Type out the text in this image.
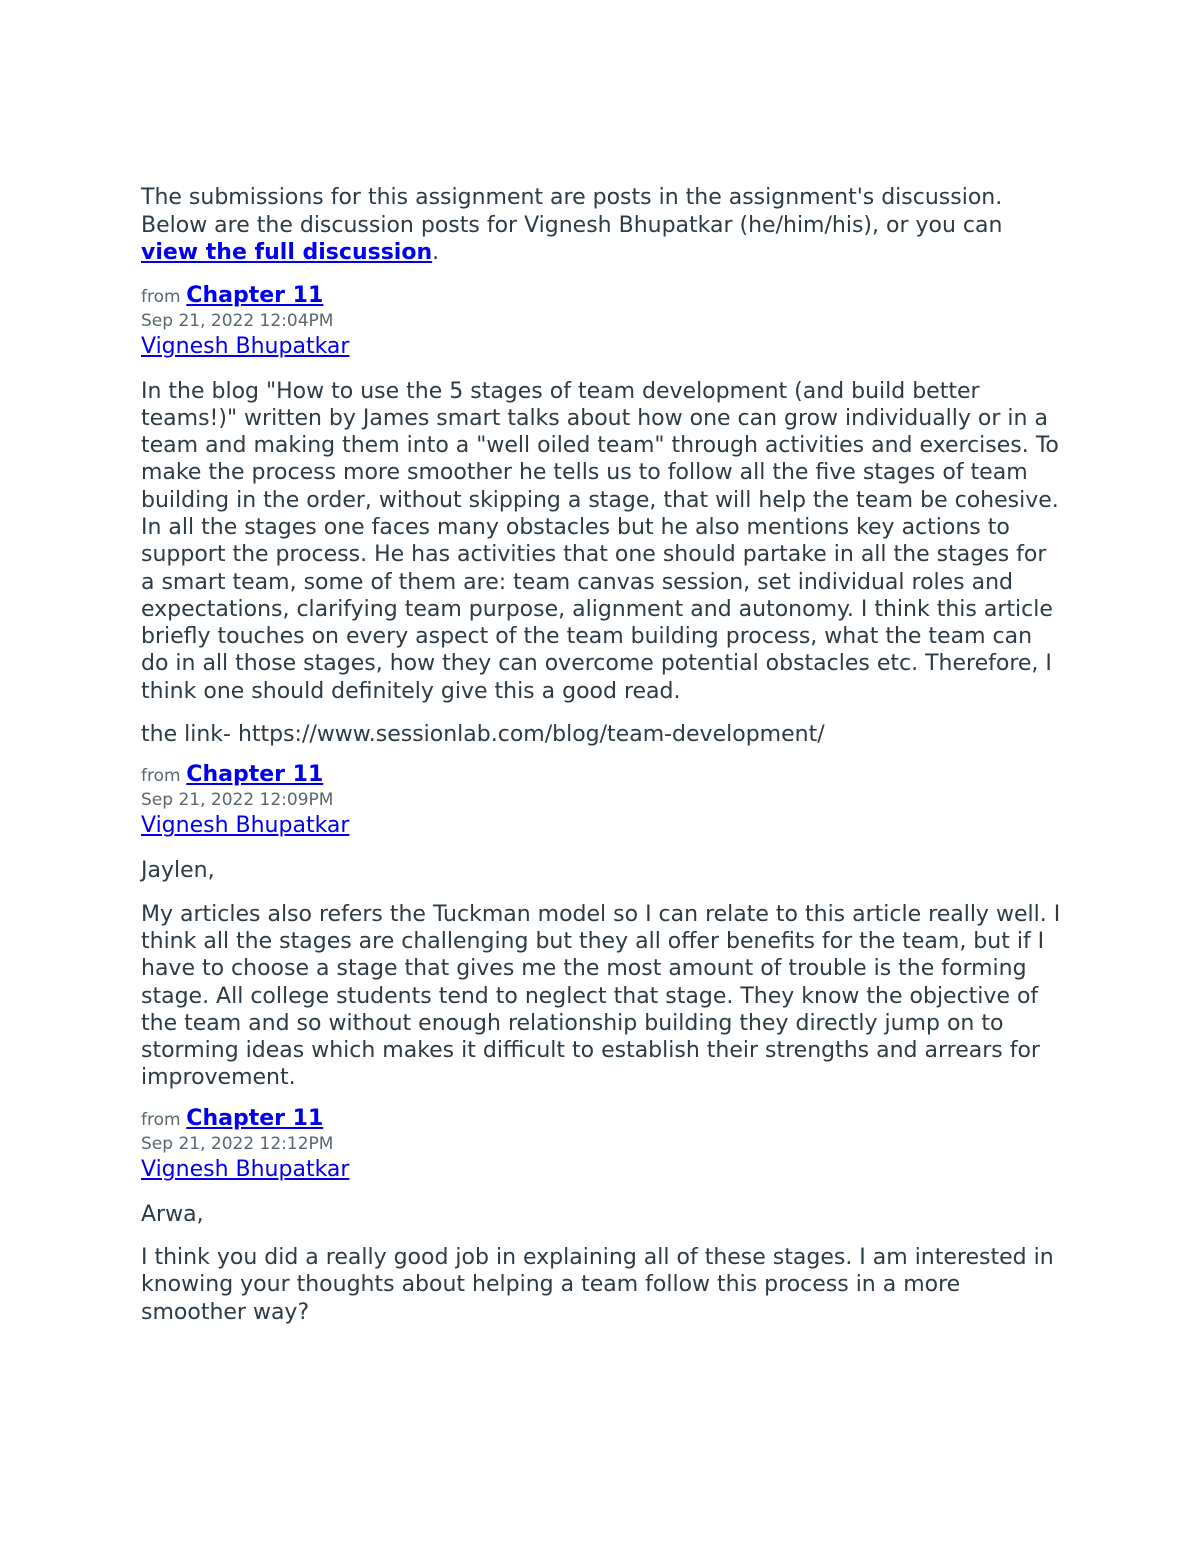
The submissions for this assignment are posts in the assignment's discussion. Below are the discussion posts for Vignesh Bhupatkar (he/him/his), or you can view the full discussion.
from Chapter 11
Sep 21, 2022 12:04PM
Vignesh Bhupatkar

In the blog "How to use the 5 stages of team development (and build better teams!)" written by James smart talks about how one can grow individually or in a team and making them into a "well oiled team" through activities and exercises. To make the process more smoother he tells us to follow all the five stages of team building in the order, without skipping a stage, that will help the team be cohesive. In all the stages one faces many obstacles but he also mentions key actions to support the process. He has activities that one should partake in all the stages for a smart team, some of them are: team canvas session, set individual roles and expectations, clarifying team purpose, alignment and autonomy. I think this article briefly touches on every aspect of the team building process, what the team can do in all those stages, how they can overcome potential obstacles etc. Therefore, I think one should definitely give this a good read.

the link- https://www.sessionlab.com/blog/team-development/

from Chapter 11
Sep 21, 2022 12:09PM
Vignesh Bhupatkar

Jaylen,

My articles also refers the Tuckman model so I can relate to this article really well. I think all the stages are challenging but they all offer benefits for the team, but if I have to choose a stage that gives me the most amount of trouble is the forming stage. All college students tend to neglect that stage. They know the objective of the team and so without enough relationship building they directly jump on to storming ideas which makes it difficult to establish their strengths and arrears for improvement.

from Chapter 11
Sep 21, 2022 12:12PM
Vignesh Bhupatkar

Arwa,

I think you did a really good job in explaining all of these stages. I am interested in knowing your thoughts about helping a team follow this process in a more smoother way?
